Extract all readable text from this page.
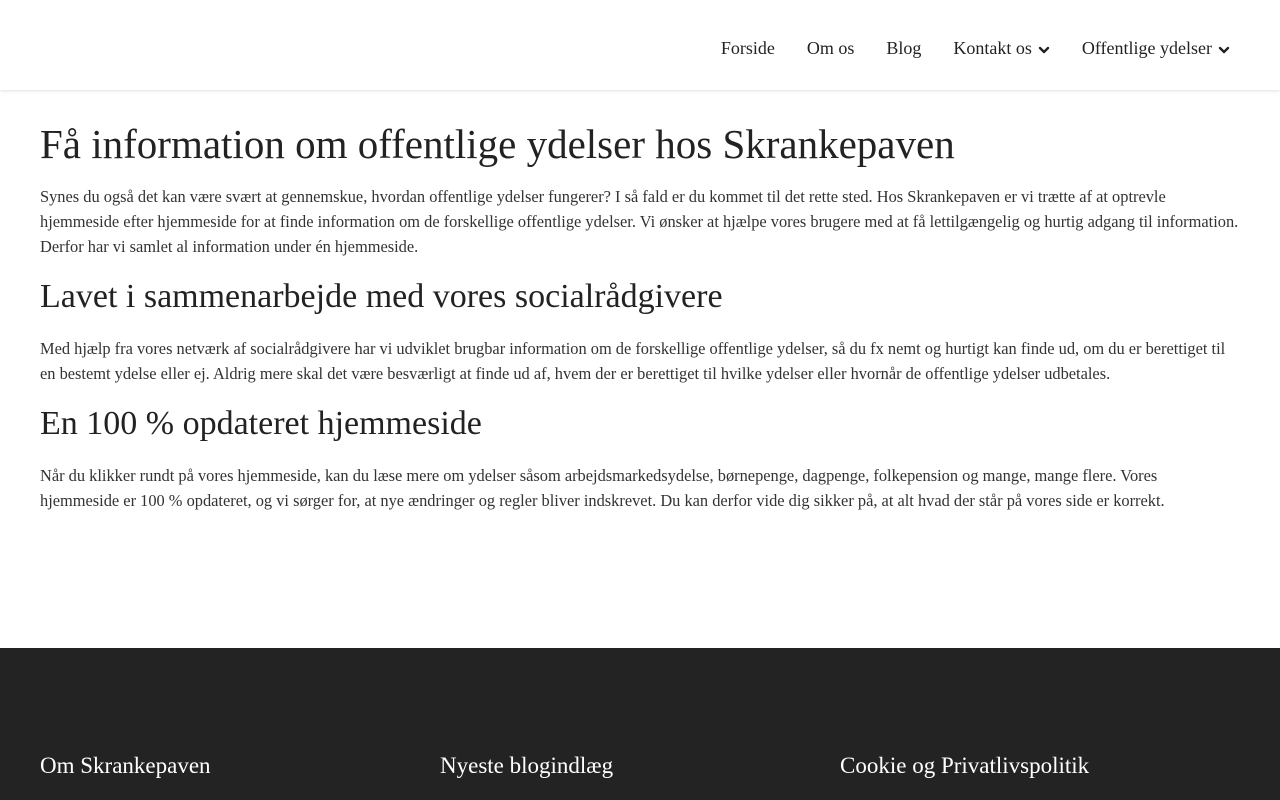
Forside Om os Blog Kontakt os	Offentlige ydelser
Få information om offentlige ydelser hos Skrankepaven

Synes du også det kan være svært at gennemskue, hvordan offentlige ydelser fungerer? I så fald er du kommet til det rette sted. Hos Skrankepaven er vi trætte af at optrevle hjemmeside efter hjemmeside for at finde information om de forskellige offentlige ydelser. Vi ønsker at hjælpe vores brugere med at få lettilgængelig og hurtig adgang til information. Derfor har vi samlet al information under én hjemmeside.

Lavet i sammenarbejde med vores socialrådgivere

Med hjælp fra vores netværk af socialrådgivere har vi udviklet brugbar information om de forskellige offentlige ydelser, så du fx nemt og hurtigt kan finde ud, om du er berettiget til en bestemt ydelse eller ej. Aldrig mere skal det være besværligt at finde ud af, hvem der er berettiget til hvilke ydelser eller hvornår de offentlige ydelser udbetales.

En 100 % opdateret hjemmeside

Når du klikker rundt på vores hjemmeside, kan du læse mere om ydelser såsom arbejdsmarkedsydelse, børnepenge, dagpenge, folkepension og mange, mange flere. Vores hjemmeside er 100 % opdateret, og vi sørger for, at nye ændringer og regler bliver indskrevet. Du kan derfor vide dig sikker på, at alt hvad der står på vores side er korrekt.

Om Skrankepaven	Nyeste blogindlæg	Cookie og Privatlivspolitik
